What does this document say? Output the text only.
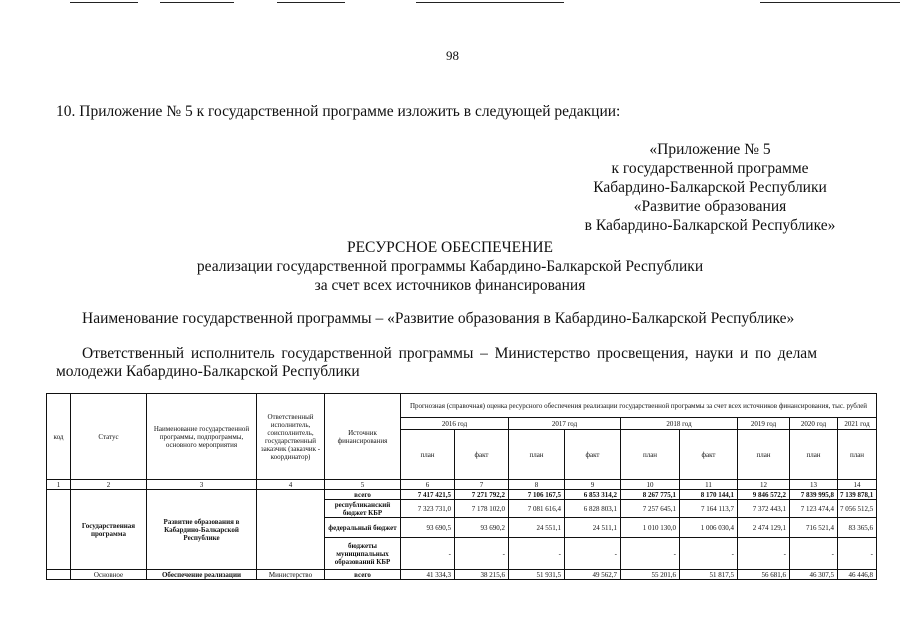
98
10. Приложение № 5 к государственной программе изложить в следующей редакции:
«Приложение № 5
к государственной программе
Кабардино-Балкарской Республики
«Развитие образования
в Кабардино-Балкарской Республике»
РЕСУРСНОЕ ОБЕСПЕЧЕНИЕ
реализации государственной программы Кабардино-Балкарской Республики
за счет всех источников финансирования
Наименование государственной программы – «Развитие образования в Кабардино-Балкарской Республике»
Ответственный исполнитель государственной программы – Министерство просвещения, науки и по делам
молодежи Кабардино-Балкарской Республики
код	Статус	Наименование государственной программы, подпрограммы, основного мероприятия	Ответственный исполнитель, соисполнитель, государственный заказчик (заказчик - координатор)	Источник финансирования	Прогнозная (справочная) оценка ресурсного обеспечения реализации государственной программы за счет всех источников финансирования, тыс. рублей								
					2016 год		2017 год		2018 год		2019 год	2020 год	2021 год
					план	факт	план	факт	план	факт	план	план	план
1	2	3	4	5	6	7	8	9	10	11	12	13	14
	Государственная программа	Развитие образования в Кабардино-Балкарской Республике		всего	7 417 421,5	7 271 792,2	7 106 167,5	6 853 314,2	8 267 775,1	8 170 144,1	9 846 572,2	7 839 995,8	7 139 878,1
				республиканский бюджет КБР	7 323 731,0	7 178 102,0	7 081 616,4	6 828 803,1	7 257 645,1	7 164 113,7	7 372 443,1	7 123 474,4	7 056 512,5
				федеральный бюджет	93 690,5	93 690,2	24 551,1	24 511,1	1 010 130,0	1 006 030,4	2 474 129,1	716 521,4	83 365,6
				бюджеты муниципальных образований КБР	-	-	-	-	-	-	-	-	-
	Основное	Обеспечение реализации	Министерство	всего	41 334,3	38 215,6	51 931,5	49 562,7	55 201,6	51 817,5	56 681,6	46 307,5	46 446,8
